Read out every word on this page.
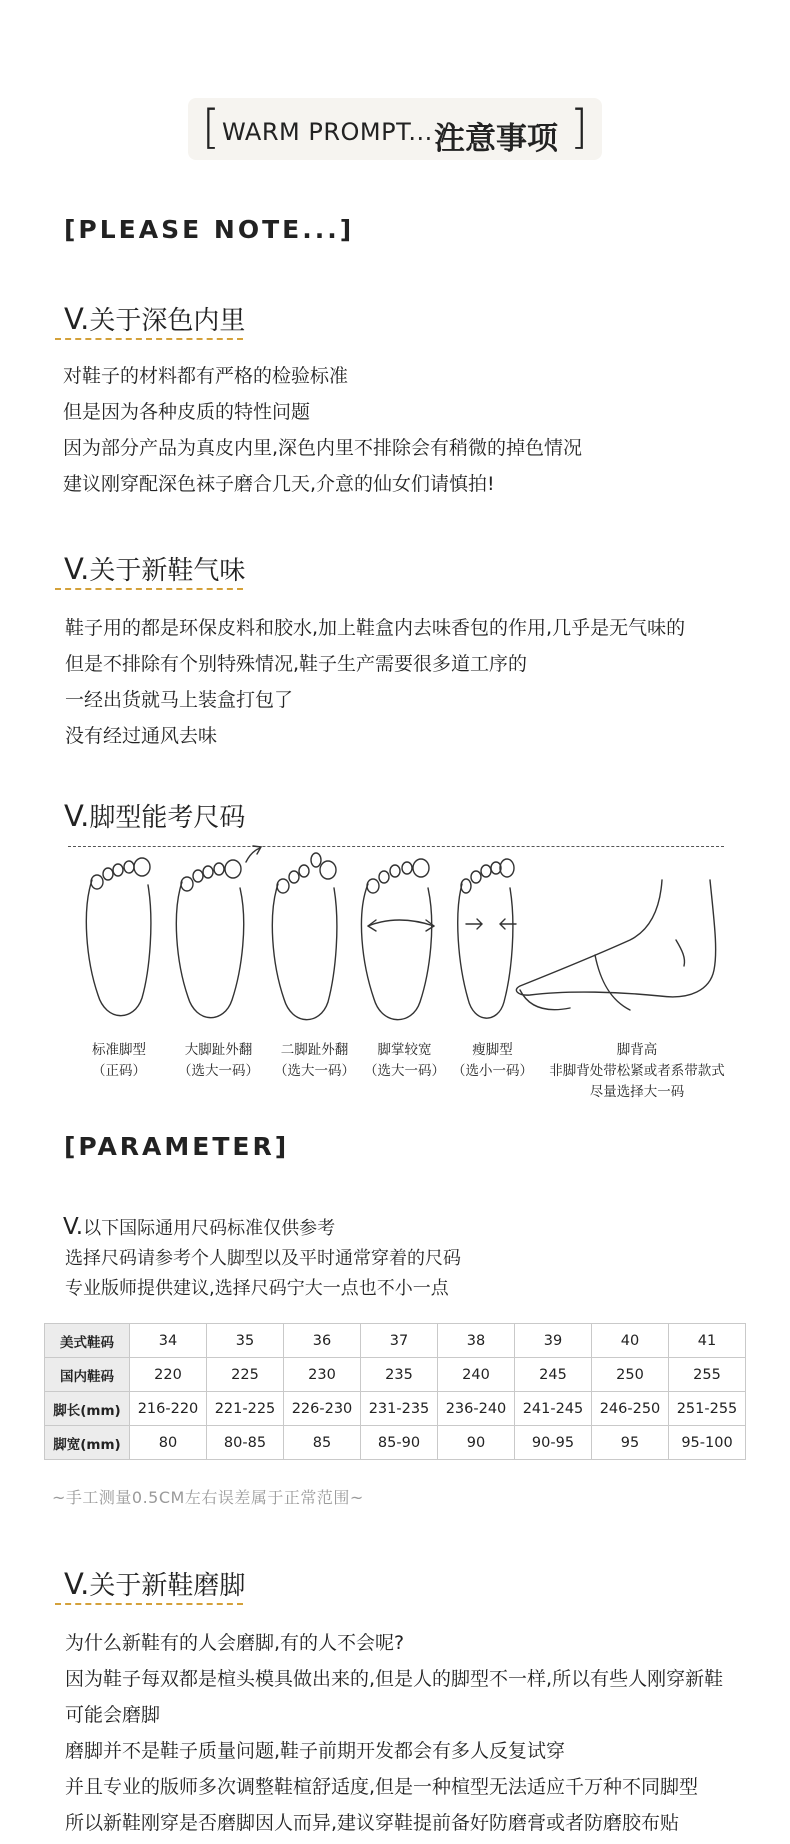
[ WARM PROMPT... /
注意事项 ]
[PLEASE NOTE...]
V.关于深色内里
对鞋子的材料都有严格的检验标准
但是因为各种皮质的特性问题
因为部分产品为真皮内里,深色内里不排除会有稍微的掉色情况
建议刚穿配深色袜子磨合几天,介意的仙女们请慎拍!
V.关于新鞋气味
鞋子用的都是环保皮料和胶水,加上鞋盒内去味香包的作用,几乎是无气味的
但是不排除有个别特殊情况,鞋子生产需要很多道工序的
一经出货就马上装盒打包了
没有经过通风去味
V.脚型能考尺码
标准脚型
（正码）
大脚趾外翻
（选大一码）
二脚趾外翻
（选大一码）
脚掌较宽
（选大一码）
瘦脚型
（选小一码）
脚背高
非脚背处带松紧或者系带款式
尽量选择大一码
[PARAMETER]
V.以下国际通用尺码标准仅供参考
选择尺码请参考个人脚型以及平时通常穿着的尺码
专业版师提供建议,选择尺码宁大一点也不小一点
美式鞋码	34	35	36	37	38	39	40	41
国内鞋码	220	225	230	235	240	245	250	255
脚长(mm)	216-220	221-225	226-230	231-235	236-240	241-245	246-250	251-255
脚宽(mm)	80	80-85	85	85-90	90	90-95	95	95-100
~手工测量0.5CM左右误差属于正常范围~
V.关于新鞋磨脚
为什么新鞋有的人会磨脚,有的人不会呢?
因为鞋子每双都是楦头模具做出来的,但是人的脚型不一样,所以有些人刚穿新鞋
可能会磨脚
磨脚并不是鞋子质量问题,鞋子前期开发都会有多人反复试穿
并且专业的版师多次调整鞋楦舒适度,但是一种楦型无法适应千万种不同脚型
所以新鞋刚穿是否磨脚因人而异,建议穿鞋提前备好防磨膏或者防磨胶布贴
